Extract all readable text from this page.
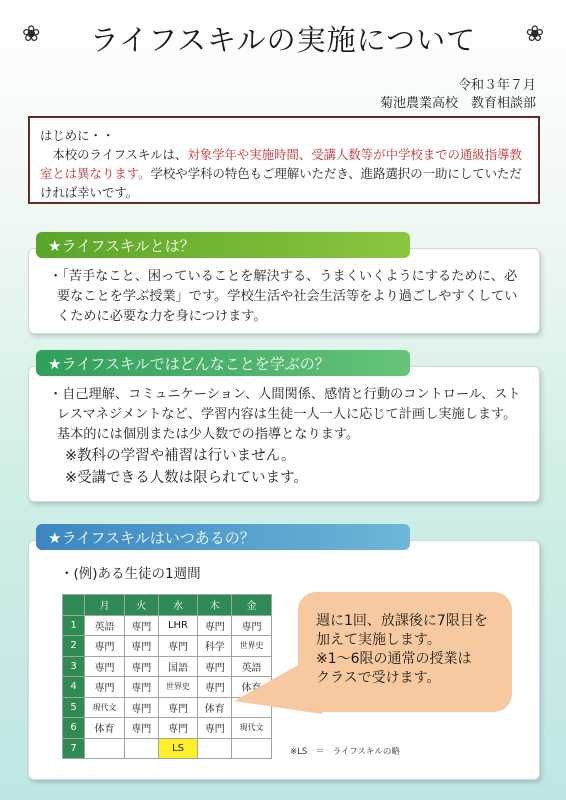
❀	ライフスキルの実施について	❀
令和３年７月
菊池農業高校　教育相談部
はじめに・・
本校のライフスキルは、対象学年や実施時間、受講人数等が中学校までの通級指導教室とは異なります。学校や学科の特色もご理解いただき、進路選択の一助にしていただければ幸いです。
★ライフスキルとは？
・「苦手なこと、困っていることを解決する、うまくいくようにするために、必要なことを学ぶ授業」です。学校生活や社会生活等をより過ごしやすくしていくために必要な力を身につけます。
★ライフスキルではどんなことを学ぶの？
・自己理解、コミュニケーション、人間関係、感情と行動のコントロール、ストレスマネジメントなど、学習内容は生徒一人一人に応じて計画し実施します。基本的には個別または少人数での指導となります。
※教科の学習や補習は行いません。
※受講できる人数は限られています。
★ライフスキルはいつあるの？
・(例)ある生徒の1週間
	月	火	水	木	金
1	英語	専門	LHR	専門	専門
2	専門	専門	専門	科学	世界史
3	専門	専門	国語	専門	英語
4	専門	専門	世界史	専門	体育
5	現代文	専門	専門	体育	
6	体育	専門	専門	専門	現代文
7			LS		
週に1回、放課後に7限目を
加えて実施します。
※1～6限の通常の授業は
クラスで受けます。
※LS　＝　ライフスキルの略
